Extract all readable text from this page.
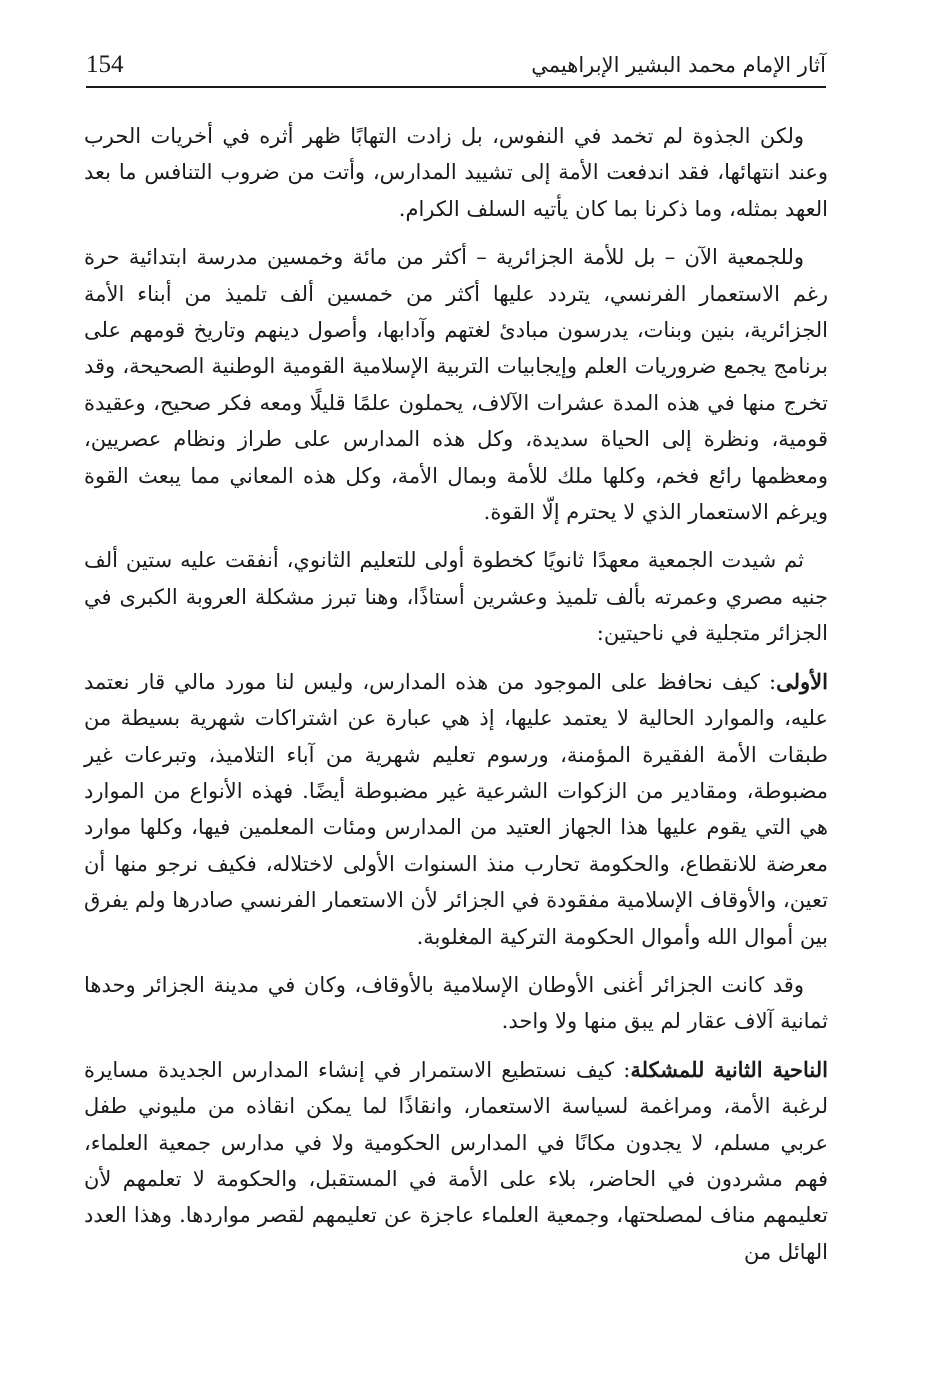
154	آثار الإمام محمد البشير الإبراهيمي

ولكن الجذوة لم تخمد في النفوس، بل زادت التهابًا ظهر أثره في أخريات الحرب وعند انتهائها، فقد اندفعت الأمة إلى تشييد المدارس، وأتت من ضروب التنافس ما بعد العهد بمثله، وما ذكرنا بما كان يأتيه السلف الكرام.

وللجمعية الآن – بل للأمة الجزائرية – أكثر من مائة وخمسين مدرسة ابتدائية حرة رغم الاستعمار الفرنسي، يتردد عليها أكثر من خمسين ألف تلميذ من أبناء الأمة الجزائرية، بنين وبنات، يدرسون مبادئ لغتهم وآدابها، وأصول دينهم وتاريخ قومهم على برنامج يجمع ضروريات العلم وإيجابيات التربية الإسلامية القومية الوطنية الصحيحة، وقد تخرج منها في هذه المدة عشرات الآلاف، يحملون علمًا قليلًا ومعه فكر صحيح، وعقيدة قومية، ونظرة إلى الحياة سديدة، وكل هذه المدارس على طراز ونظام عصريين، ومعظمها رائع فخم، وكلها ملك للأمة وبمال الأمة، وكل هذه المعاني مما يبعث القوة ويرغم الاستعمار الذي لا يحترم إلّا القوة.

ثم شيدت الجمعية معهدًا ثانويًا كخطوة أولى للتعليم الثانوي، أنفقت عليه ستين ألف جنيه مصري وعمرته بألف تلميذ وعشرين أستاذًا، وهنا تبرز مشكلة العروبة الكبرى في الجزائر متجلية في ناحيتين:

الأولى: كيف نحافظ على الموجود من هذه المدارس، وليس لنا مورد مالي قار نعتمد عليه، والموارد الحالية لا يعتمد عليها، إذ هي عبارة عن اشتراكات شهرية بسيطة من طبقات الأمة الفقيرة المؤمنة، ورسوم تعليم شهرية من آباء التلاميذ، وتبرعات غير مضبوطة، ومقادير من الزكوات الشرعية غير مضبوطة أيضًا. فهذه الأنواع من الموارد هي التي يقوم عليها هذا الجهاز العتيد من المدارس ومئات المعلمين فيها، وكلها موارد معرضة للانقطاع، والحكومة تحارب منذ السنوات الأولى لاختلاله، فكيف نرجو منها أن تعين، والأوقاف الإسلامية مفقودة في الجزائر لأن الاستعمار الفرنسي صادرها ولم يفرق بين أموال الله وأموال الحكومة التركية المغلوبة.

وقد كانت الجزائر أغنى الأوطان الإسلامية بالأوقاف، وكان في مدينة الجزائر وحدها ثمانية آلاف عقار لم يبق منها ولا واحد.

الناحية الثانية للمشكلة: كيف نستطيع الاستمرار في إنشاء المدارس الجديدة مسايرة لرغبة الأمة، ومراغمة لسياسة الاستعمار، وانقاذًا لما يمكن انقاذه من مليوني طفل عربي مسلم، لا يجدون مكانًا في المدارس الحكومية ولا في مدارس جمعية العلماء، فهم مشردون في الحاضر، بلاء على الأمة في المستقبل، والحكومة لا تعلمهم لأن تعليمهم مناف لمصلحتها، وجمعية العلماء عاجزة عن تعليمهم لقصر مواردها. وهذا العدد الهائل من
